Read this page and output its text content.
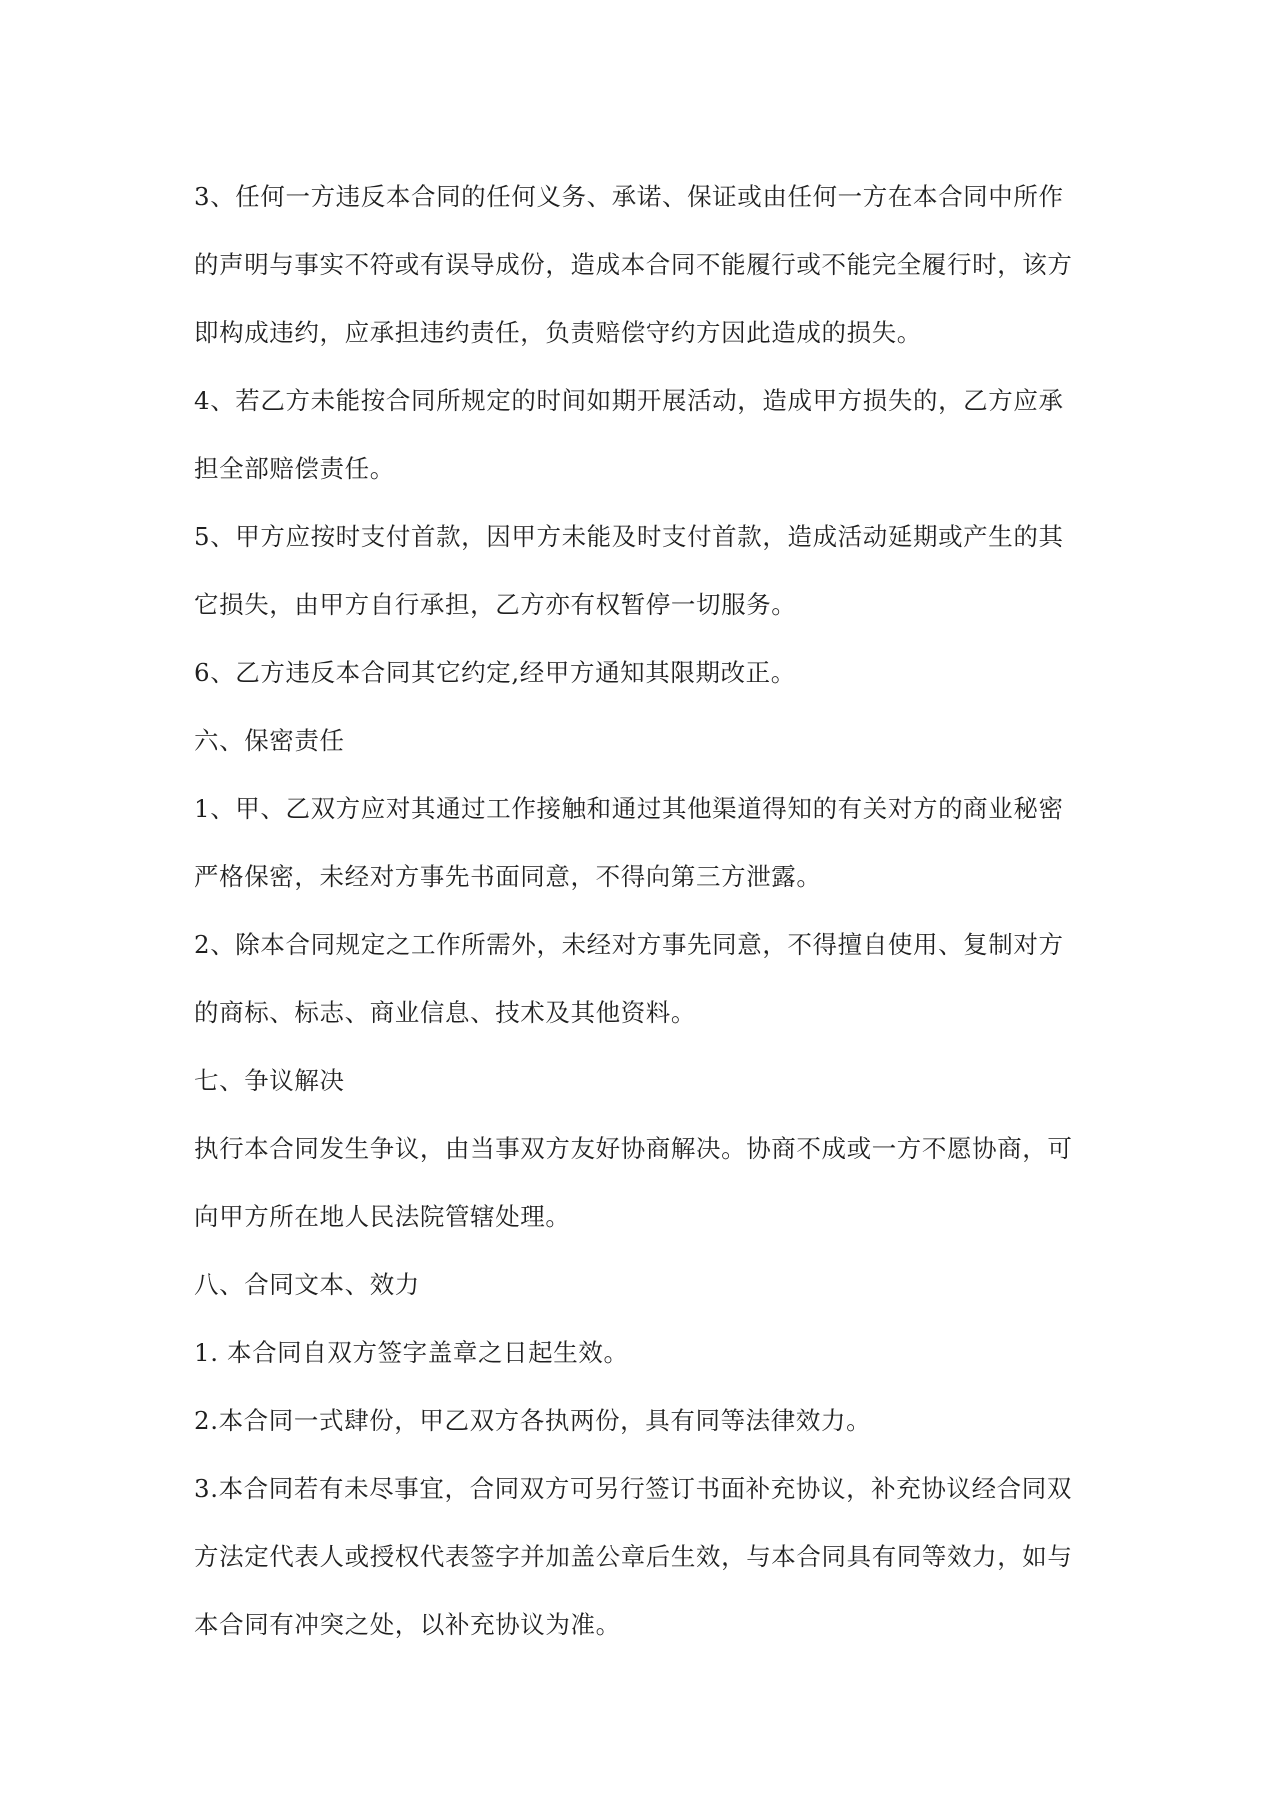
3、任何一方违反本合同的任何义务、承诺、保证或由任何一方在本合同中所作
的声明与事实不符或有误导成份，造成本合同不能履行或不能完全履行时，该方
即构成违约，应承担违约责任，负责赔偿守约方因此造成的损失。
4、若乙方未能按合同所规定的时间如期开展活动，造成甲方损失的，乙方应承
担全部赔偿责任。
5、甲方应按时支付首款，因甲方未能及时支付首款，造成活动延期或产生的其
它损失，由甲方自行承担，乙方亦有权暂停一切服务。
6、乙方违反本合同其它约定,经甲方通知其限期改正。
六、保密责任
1、甲、乙双方应对其通过工作接触和通过其他渠道得知的有关对方的商业秘密
严格保密，未经对方事先书面同意，不得向第三方泄露。
2、除本合同规定之工作所需外，未经对方事先同意，不得擅自使用、复制对方
的商标、标志、商业信息、技术及其他资料。
七、争议解决
执行本合同发生争议，由当事双方友好协商解决。协商不成或一方不愿协商，可
向甲方所在地人民法院管辖处理。
八、合同文本、效力
1. 本合同自双方签字盖章之日起生效。
2.本合同一式肆份，甲乙双方各执两份，具有同等法律效力。
3.本合同若有未尽事宜，合同双方可另行签订书面补充协议，补充协议经合同双
方法定代表人或授权代表签字并加盖公章后生效，与本合同具有同等效力，如与
本合同有冲突之处，以补充协议为准。
